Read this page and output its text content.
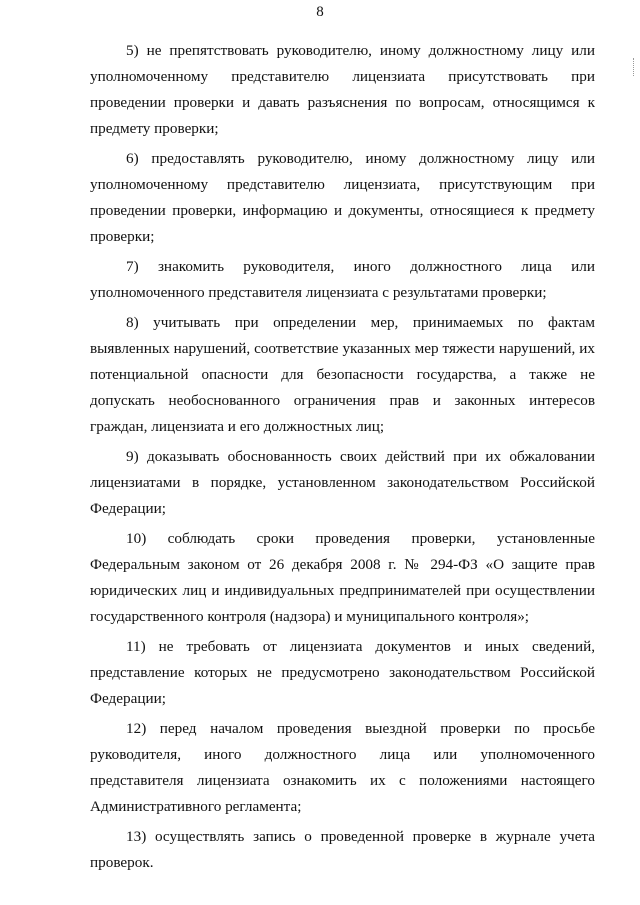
8

5) не препятствовать руководителю, иному должностному лицу или уполномоченному представителю лицензиата присутствовать при проведении проверки и давать разъяснения по вопросам, относящимся к предмету проверки;

6) предоставлять руководителю, иному должностному лицу или уполномоченному представителю лицензиата, присутствующим при проведении проверки, информацию и документы, относящиеся к предмету проверки;

7) знакомить руководителя, иного должностного лица или уполномоченного представителя лицензиата с результатами проверки;

8) учитывать при определении мер, принимаемых по фактам выявленных нарушений, соответствие указанных мер тяжести нарушений, их потенциальной опасности для безопасности государства, а также не допускать необоснованного ограничения прав и законных интересов граждан, лицензиата и его должностных лиц;

9) доказывать обоснованность своих действий при их обжаловании лицензиатами в порядке, установленном законодательством Российской Федерации;

10) соблюдать сроки проведения проверки, установленные Федеральным законом от 26 декабря 2008 г. № 294-ФЗ «О защите прав юридических лиц и индивидуальных предпринимателей при осуществлении государственного контроля (надзора) и муниципального контроля»;

11) не требовать от лицензиата документов и иных сведений, представление которых не предусмотрено законодательством Российской Федерации;

12) перед началом проведения выездной проверки по просьбе руководителя, иного должностного лица или уполномоченного представителя лицензиата ознакомить их с положениями настоящего Административного регламента;

13) осуществлять запись о проведенной проверке в журнале учета проверок.
